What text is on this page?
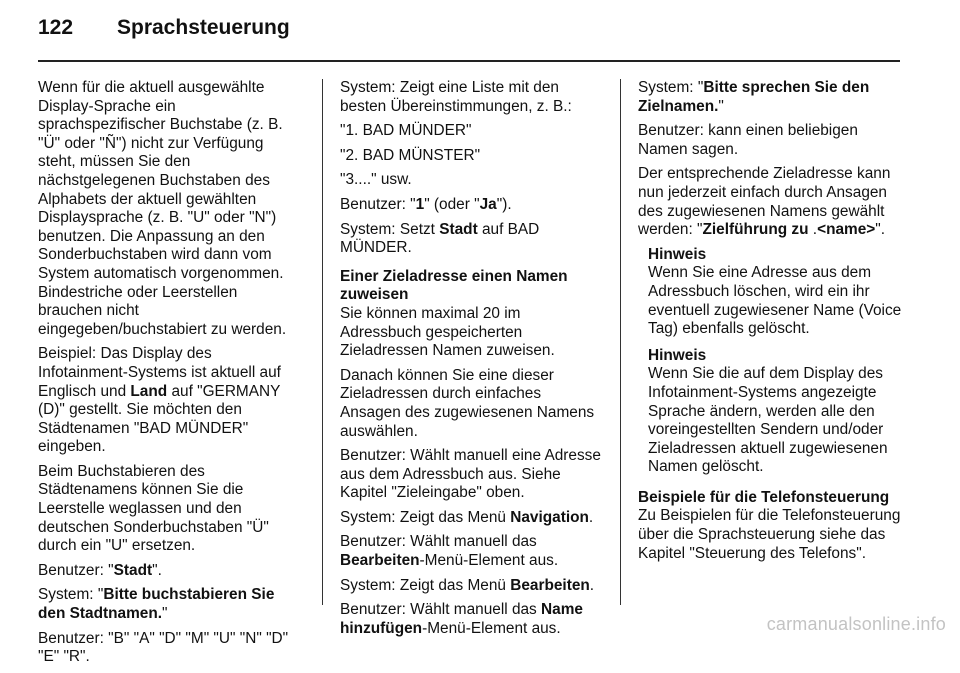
122 Sprachsteuerung

Wenn für die aktuell ausgewählte Display-Sprache ein sprachspezifischer Buchstabe (z. B. "Ü" oder "Ñ") nicht zur Verfügung steht, müssen Sie den nächstgelegenen Buchstaben des Alphabets der aktuell gewählten Displaysprache (z. B. "U" oder "N") benutzen. Die Anpassung an den Sonderbuchstaben wird dann vom System automatisch vorgenommen. Bindestriche oder Leerstellen brauchen nicht eingegeben/buchstabiert zu werden.

Beispiel: Das Display des Infotainment-Systems ist aktuell auf Englisch und Land auf "GERMANY (D)" gestellt. Sie möchten den Städtenamen "BAD MÜNDER" eingeben.

Beim Buchstabieren des Städtenamens können Sie die Leerstelle weglassen und den deutschen Sonderbuchstaben "Ü" durch ein "U" ersetzen.

Benutzer: "Stadt".

System: "Bitte buchstabieren Sie den Stadtnamen."

Benutzer: "B" "A" "D" "M" "U" "N" "D" "E" "R".

System: Zeigt eine Liste mit den besten Übereinstimmungen, z. B.:

"1. BAD MÜNDER"

"2. BAD MÜNSTER"

"3...." usw.

Benutzer: "1" (oder "Ja").

System: Setzt Stadt auf BAD MÜNDER.

Einer Zieladresse einen Namen zuweisen
Sie können maximal 20 im Adressbuch gespeicherten Zieladressen Namen zuweisen.

Danach können Sie eine dieser Zieladressen durch einfaches Ansagen des zugewiesenen Namens auswählen.

Benutzer: Wählt manuell eine Adresse aus dem Adressbuch aus. Siehe Kapitel "Zieleingabe" oben.

System: Zeigt das Menü Navigation.

Benutzer: Wählt manuell das Bearbeiten-Menü-Element aus.

System: Zeigt das Menü Bearbeiten.

Benutzer: Wählt manuell das Name hinzufügen-Menü-Element aus.

System: "Bitte sprechen Sie den Zielnamen."

Benutzer: kann einen beliebigen Namen sagen.

Der entsprechende Zieladresse kann nun jederzeit einfach durch Ansagen des zugewiesenen Namens gewählt werden: "Zielführung zu .<name>".

Hinweis
Wenn Sie eine Adresse aus dem Adressbuch löschen, wird ein ihr eventuell zugewiesener Name (Voice Tag) ebenfalls gelöscht.
Hinweis
Wenn Sie die auf dem Display des Infotainment-Systems angezeigte Sprache ändern, werden alle den voreingestellten Sendern und/oder Zieladressen aktuell zugewiesenen Namen gelöscht.

Beispiele für die Telefonsteuerung
Zu Beispielen für die Telefonsteuerung über die Sprachsteuerung siehe das Kapitel "Steuerung des Telefons".

carmanualsonline.info
